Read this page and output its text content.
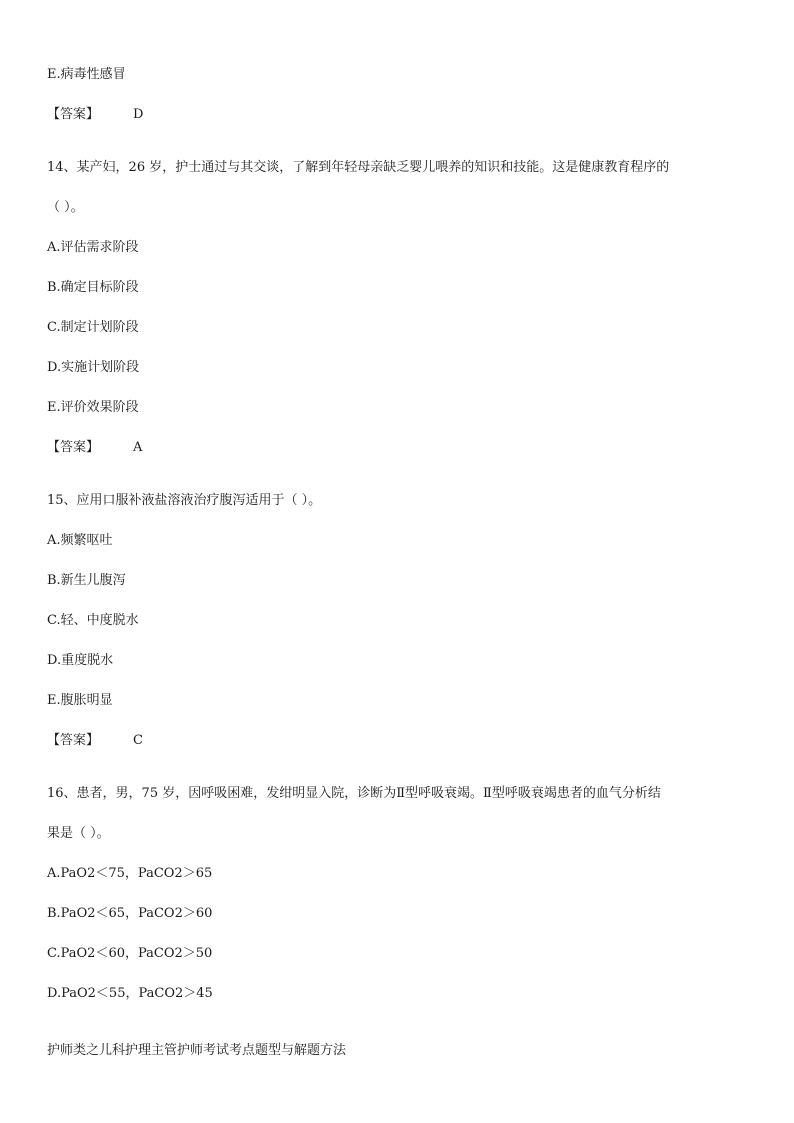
E.病毒性感冒
【答案】	D
14、某产妇，26 岁，护士通过与其交谈，了解到年轻母亲缺乏婴儿喂养的知识和技能。这是健康教育程序的
（ ）。
A.评估需求阶段
B.确定目标阶段
C.制定计划阶段
D.实施计划阶段
E.评价效果阶段
【答案】	A
15、应用口服补液盐溶液治疗腹泻适用于（ ）。
A.频繁呕吐
B.新生儿腹泻
C.轻、中度脱水
D.重度脱水
E.腹胀明显
【答案】	C
16、患者，男，75 岁，因呼吸困难，发绀明显入院，诊断为Ⅱ型呼吸衰竭。Ⅱ型呼吸衰竭患者的血气分析结
果是（ ）。
A.PaO2＜75，PaCO2＞65
B.PaO2＜65，PaCO2＞60
C.PaO2＜60，PaCO2＞50
D.PaO2＜55，PaCO2＞45
护师类之儿科护理主管护师考试考点题型与解题方法
